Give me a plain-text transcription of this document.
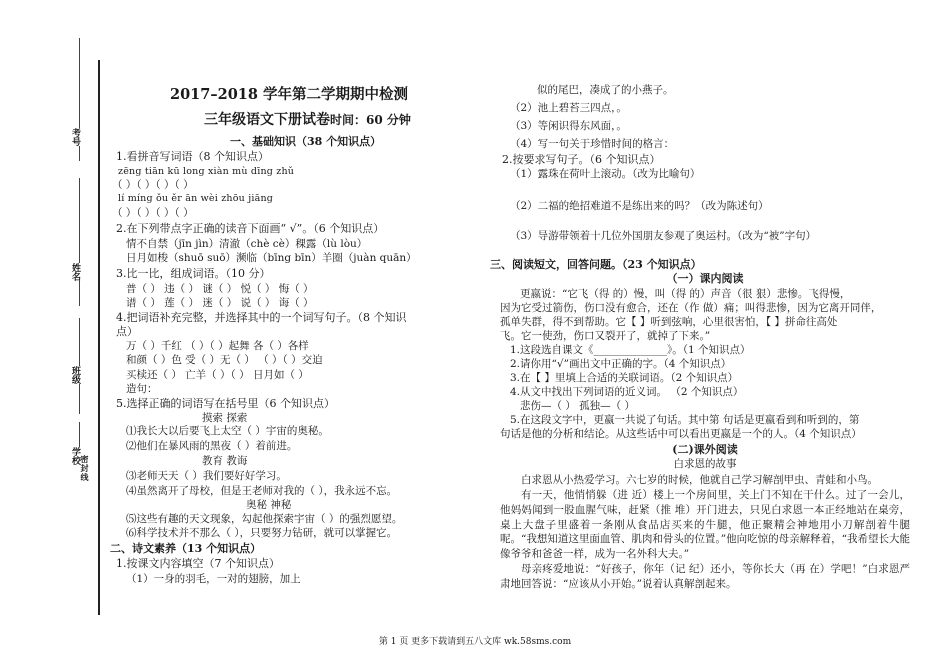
考号
姓名
班级
学校 密封线
2017–2018 学年第二学期期中检测
三年级语文下册试卷时间：60 分钟
一、基础知识（38 个知识点）
1.看拼音写词语（8 个知识点）
zēng tiān kū long xiàn mù dīng zhǔ
（ ）（ ）（ ）（ ）
lí míng ǒu ěr ān wèi zhōu jiāng
（ ）（ ）（ ）（ ）
2.在下列带点字正确的读音下面画“ √”。（6 个知识点）
情不自禁（jīn jìn）清澈（chè cè）稞露（lù lòu）
日月如梭（shuō suō）濒临（bīng bīn）羊圈（juàn quān）
3.比一比，组成词语。（10 分）
普（ ） 违（ ） 谜（ ） 悦（ ） 悔（ ）
谱（ ） 莲（ ） 迷（ ） 说（ ） 诲（ ）
4.把词语补充完整，并选择其中的一个词写句子。（8 个知识
点）
万（ ）千红 （ ）（ ）起舞 各（ ）各样
和颜（ ）色 受（ ）无（ ） （ ）（ ）交迫
买椟还（ ） 亡羊（ ）（ ） 日月如（ ）
造句：
5.选择正确的词语写在括号里（6 个知识点）
摸索 探索
⑴我长大以后要飞上太空（ ）宇宙的奥秘。
⑵他们在暴风雨的黑夜（ ）着前进。
教育 教诲
⑶老师天天（ ）我们要好好学习。
⑷虽然离开了母校，但是王老师对我的（ ），我永远不忘。
奥秘 神秘
⑸这些有趣的天文现象，勾起他探索宇宙（ ）的强烈愿望。
⑹科学技术并不那么（ ），只要努力钻研，就可以掌握它。
二、诗文素养（13 个知识点）
1.按课文内容填空（7 个知识点）
（1）一身的羽毛，一对的翅膀，加上
似的尾巴，凑成了的小燕子。
（2）池上碧苔三四点，。
（3）等闲识得东风面，。
（4）写一句关于珍惜时间的格言：
2.按要求写句子。（6 个知识点）
（1）露珠在荷叶上滚动。（改为比喻句）
（2）二福的绝招难道不是练出来的吗？（改为陈述句）
（3）导游带领着十几位外国朋友参观了奥运村。（改为“被”字句）
三、阅读短文，回答问题。（23 个知识点）
（一）课内阅读
更嬴说：“它飞（得 的）慢，叫（得 的）声音（很 狠）悲惨。飞得慢，
因为它受过箭伤，伤口没有愈合，还在（作 做）痛；叫得悲惨，因为它离开同伴，
孤单失群，得不到帮助。它【 】听到弦响，心里很害怕，【 】拼命往高处
飞。它一使劲，伤口又裂开了，就掉了下来。”
1.这段选自课文《______________》。（1 个知识点）
2.请你用“√”画出文中正确的字。（4 个知识点）
3.在【 】里填上合适的关联词语。（2 个知识点）
4.从文中找出下列词语的近义词。 （2 个知识点）
悲伤—（ ） 孤独—（ ）
5.在这段文字中，更嬴一共说了句话。其中第 句话是更嬴看到和听到的，第
句话是他的分析和结论。从这些话中可以看出更嬴是一个的人。（4 个知识点）
(二)课外阅读
白求恩的故事
白求恩从小热爱学习。六七岁的时候，他就自己学习解剖甲虫、青蛙和小鸟。
有一天，他悄悄躲（进 近）楼上一个房间里，关上门不知在干什么。过了一会儿，他妈妈闻到一股血腥气味，赶紧（推 堆）开门进去，只见白求恩一本正经地站在桌旁，桌上大盘子里盛着一条刚从食品店买来的牛腿，他正聚精会神地用小刀解剖着牛腿呢。“我想知道这里面血管、肌肉和骨头的位置。”他向吃惊的母亲解释着，“我希望长大能像爷爷和爸爸一样，成为一名外科大夫。”
母亲疼爱地说：“好孩子，你年（记 纪）还小，等你长大（再 在）学吧！”白求恩严肃地回答说：“应该从小开始。”说着认真解剖起来。
第 1 页 更多下载请到五八文库 wk.58sms.com
